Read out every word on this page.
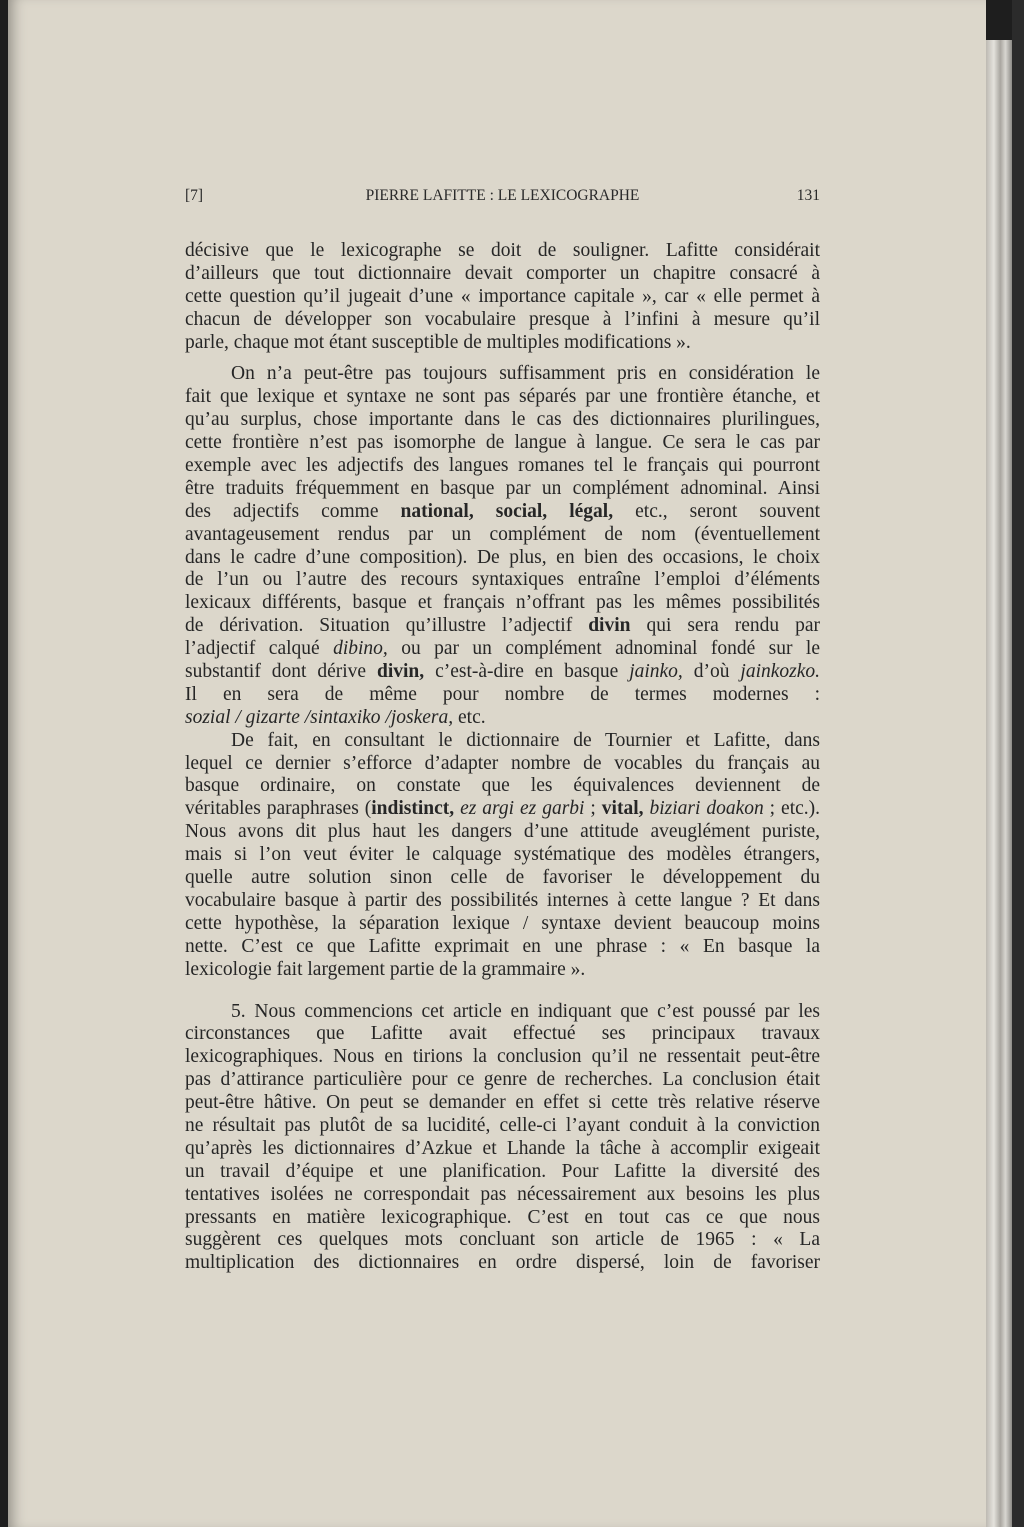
[7]	PIERRE LAFITTE : LE LEXICOGRAPHE	131
décisive que le lexicographe se doit de souligner. Lafitte considérait
d’ailleurs que tout dictionnaire devait comporter un chapitre consacré à
cette question qu’il jugeait d’une « importance capitale », car « elle permet à
chacun de développer son vocabulaire presque à l’infini à mesure qu’il
parle, chaque mot étant susceptible de multiples modifications ».
On n’a peut-être pas toujours suffisamment pris en considération le
fait que lexique et syntaxe ne sont pas séparés par une frontière étanche, et
qu’au surplus, chose importante dans le cas des dictionnaires plurilingues,
cette frontière n’est pas isomorphe de langue à langue. Ce sera le cas par
exemple avec les adjectifs des langues romanes tel le français qui pourront
être traduits fréquemment en basque par un complément adnominal. Ainsi
des adjectifs comme national, social, légal, etc., seront souvent
avantageusement rendus par un complément de nom (éventuellement
dans le cadre d’une composition). De plus, en bien des occasions, le choix
de l’un ou l’autre des recours syntaxiques entraîne l’emploi d’éléments
lexicaux différents, basque et français n’offrant pas les mêmes possibilités
de dérivation. Situation qu’illustre l’adjectif divin qui sera rendu par
l’adjectif calqué dibino, ou par un complément adnominal fondé sur le
substantif dont dérive divin, c’est-à-dire en basque jainko, d’où jainkozko.
Il en sera de même pour nombre de termes modernes :
sozial / gizarte /sintaxiko /joskera, etc.
De fait, en consultant le dictionnaire de Tournier et Lafitte, dans
lequel ce dernier s’efforce d’adapter nombre de vocables du français au
basque ordinaire, on constate que les équivalences deviennent de
véritables paraphrases (indistinct, ez argi ez garbi ; vital, biziari doakon ; etc.).
Nous avons dit plus haut les dangers d’une attitude aveuglément puriste,
mais si l’on veut éviter le calquage systématique des modèles étrangers,
quelle autre solution sinon celle de favoriser le développement du
vocabulaire basque à partir des possibilités internes à cette langue ? Et dans
cette hypothèse, la séparation lexique / syntaxe devient beaucoup moins
nette. C’est ce que Lafitte exprimait en une phrase : « En basque la
lexicologie fait largement partie de la grammaire ».
5. Nous commencions cet article en indiquant que c’est poussé par les
circonstances que Lafitte avait effectué ses principaux travaux
lexicographiques. Nous en tirions la conclusion qu’il ne ressentait peut-être
pas d’attirance particulière pour ce genre de recherches. La conclusion était
peut-être hâtive. On peut se demander en effet si cette très relative réserve
ne résultait pas plutôt de sa lucidité, celle-ci l’ayant conduit à la conviction
qu’après les dictionnaires d’Azkue et Lhande la tâche à accomplir exigeait
un travail d’équipe et une planification. Pour Lafitte la diversité des
tentatives isolées ne correspondait pas nécessairement aux besoins les plus
pressants en matière lexicographique. C’est en tout cas ce que nous
suggèrent ces quelques mots concluant son article de 1965 : « La
multiplication des dictionnaires en ordre dispersé, loin de favoriser
